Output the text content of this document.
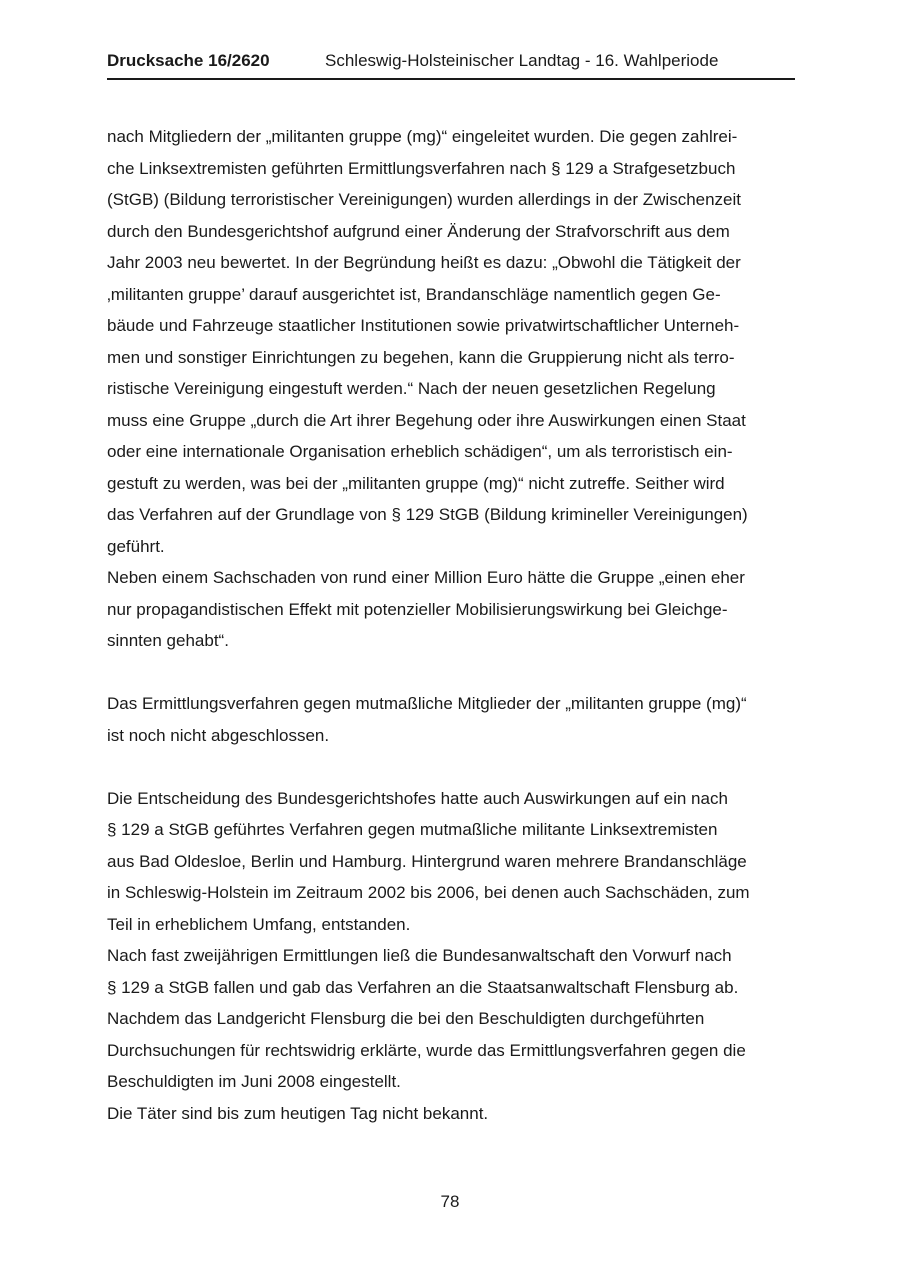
Drucksache 16/2620	Schleswig-Holsteinischer Landtag - 16. Wahlperiode
nach Mitgliedern der „militanten gruppe (mg)“ eingeleitet wurden. Die gegen zahlrei-
che Linksextremisten geführten Ermittlungsverfahren nach § 129 a Strafgesetzbuch
(StGB) (Bildung terroristischer Vereinigungen) wurden allerdings in der Zwischenzeit
durch den Bundesgerichtshof aufgrund einer Änderung der Strafvorschrift aus dem
Jahr 2003 neu bewertet. In der Begründung heißt es dazu: „Obwohl die Tätigkeit der
‚militanten gruppe’ darauf ausgerichtet ist, Brandanschläge namentlich gegen Ge-
bäude und Fahrzeuge staatlicher Institutionen sowie privatwirtschaftlicher Unterneh-
men und sonstiger Einrichtungen zu begehen, kann die Gruppierung nicht als terro-
ristische Vereinigung eingestuft werden.“ Nach der neuen gesetzlichen Regelung
muss eine Gruppe „durch die Art ihrer Begehung oder ihre Auswirkungen einen Staat
oder eine internationale Organisation erheblich schädigen“, um als terroristisch ein-
gestuft zu werden, was bei der „militanten gruppe (mg)“ nicht zutreffe. Seither wird
das Verfahren auf der Grundlage von § 129 StGB (Bildung krimineller Vereinigungen)
geführt.
Neben einem Sachschaden von rund einer Million Euro hätte die Gruppe „einen eher
nur propagandistischen Effekt mit potenzieller Mobilisierungswirkung bei Gleichge-
sinnten gehabt“.

Das Ermittlungsverfahren gegen mutmaßliche Mitglieder der „militanten gruppe (mg)“
ist noch nicht abgeschlossen.

Die Entscheidung des Bundesgerichtshofes hatte auch Auswirkungen auf ein nach
§ 129 a StGB geführtes Verfahren gegen mutmaßliche militante Linksextremisten
aus Bad Oldesloe, Berlin und Hamburg. Hintergrund waren mehrere Brandanschläge
in Schleswig-Holstein im Zeitraum 2002 bis 2006, bei denen auch Sachschäden, zum
Teil in erheblichem Umfang, entstanden.
Nach fast zweijährigen Ermittlungen ließ die Bundesanwaltschaft den Vorwurf nach
§ 129 a StGB fallen und gab das Verfahren an die Staatsanwaltschaft Flensburg ab.
Nachdem das Landgericht Flensburg die bei den Beschuldigten durchgeführten
Durchsuchungen für rechtswidrig erklärte, wurde das Ermittlungsverfahren gegen die
Beschuldigten im Juni 2008 eingestellt.
Die Täter sind bis zum heutigen Tag nicht bekannt.
78
